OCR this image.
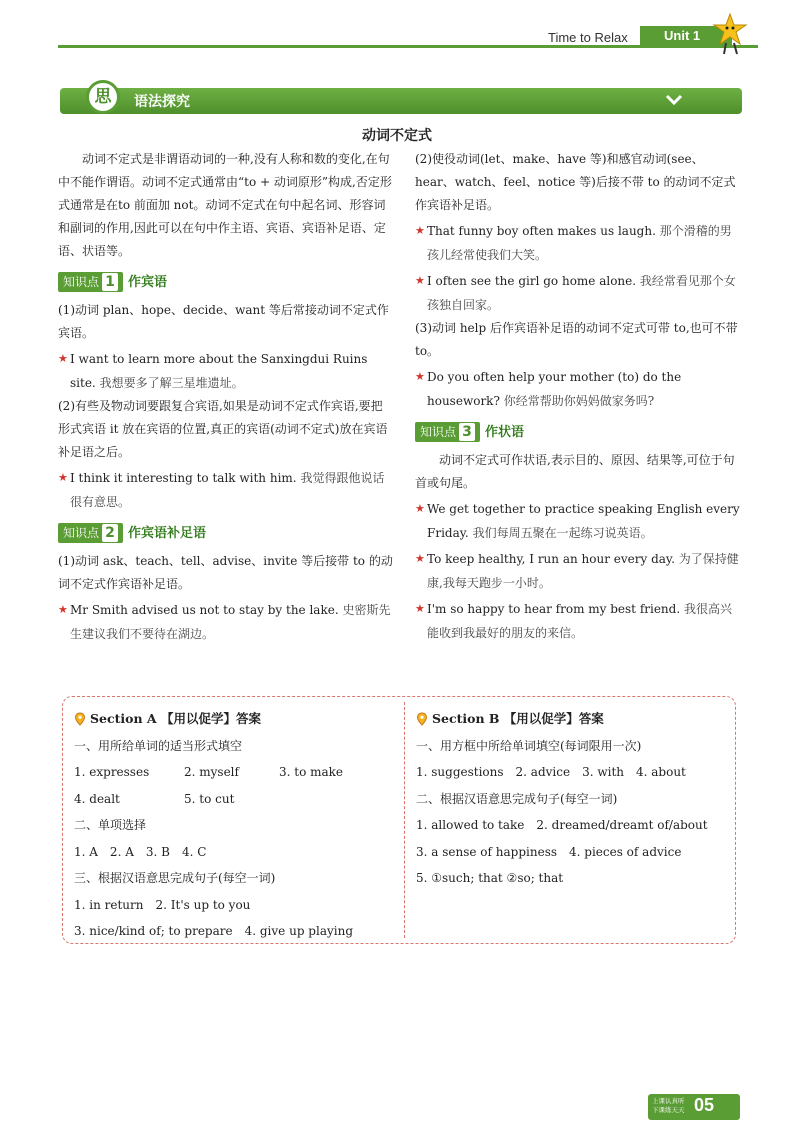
Time to Relax	Unit 1
思	语法探究
动词不定式

动词不定式是非谓语动词的一种,没有人称和数的变化,在句中不能作谓语。动词不定式通常由“to + 动词原形”构成,否定形式通常是在to 前面加 not。动词不定式在句中起名词、形容词和副词的作用,因此可以在句中作主语、宾语、宾语补足语、定语、状语等。

知识点 1 作宾语

(1)动词 plan、hope、decide、want 等后常接动词不定式作宾语。

★ I want to learn more about the Sanxingdui Ruins site. 我想要多了解三星堆遗址。

(2)有些及物动词要跟复合宾语,如果是动词不定式作宾语,要把形式宾语 it 放在宾语的位置,真正的宾语(动词不定式)放在宾语补足语之后。

★ I think it interesting to talk with him. 我觉得跟他说话很有意思。
知识点 2 作宾语补足语

(1)动词 ask、teach、tell、advise、invite 等后接带 to 的动词不定式作宾语补足语。

★ Mr Smith advised us not to stay by the lake. 史密斯先生建议我们不要待在湖边。

(2)使役动词(let、make、have 等)和感官动词(see、hear、watch、feel、notice 等)后接不带 to 的动词不定式作宾语补足语。

★ That funny boy often makes us laugh. 那个滑稽的男孩儿经常使我们大笑。
★ I often see the girl go home alone. 我经常看见那个女孩独自回家。

(3)动词 help 后作宾语补足语的动词不定式可带 to,也可不带 to。

★ Do you often help your mother (to) do the housework? 你经常帮助你妈妈做家务吗?
知识点 3 作状语

动词不定式可作状语,表示目的、原因、结果等,可位于句首或句尾。

★ We get together to practice speaking English every Friday. 我们每周五聚在一起练习说英语。
★ To keep healthy, I run an hour every day. 为了保持健康,我每天跑步一小时。
★ I'm so happy to hear from my best friend. 我很高兴能收到我最好的朋友的来信。
Section A 【用以促学】答案
一、用所给单词的适当形式填空
1. expresses	2. myself	3. to make
4. dealt	5. to cut
二、单项选择
1. A　2. A　3. B　4. C
三、根据汉语意思完成句子(每空一词)
1. in return　2. It's up to you
3. nice/kind of; to prepare　4. give up playing
Section B 【用以促学】答案
一、用方框中所给单词填空(每词限用一次)
1. suggestions　2. advice　3. with　4. about
二、根据汉语意思完成句子(每空一词)
1. allowed to take　2. dreamed/dreamt of/about
3. a sense of happiness　4. pieces of advice
5. ①such; that ②so; that
上课认真听
下课练天天 05
